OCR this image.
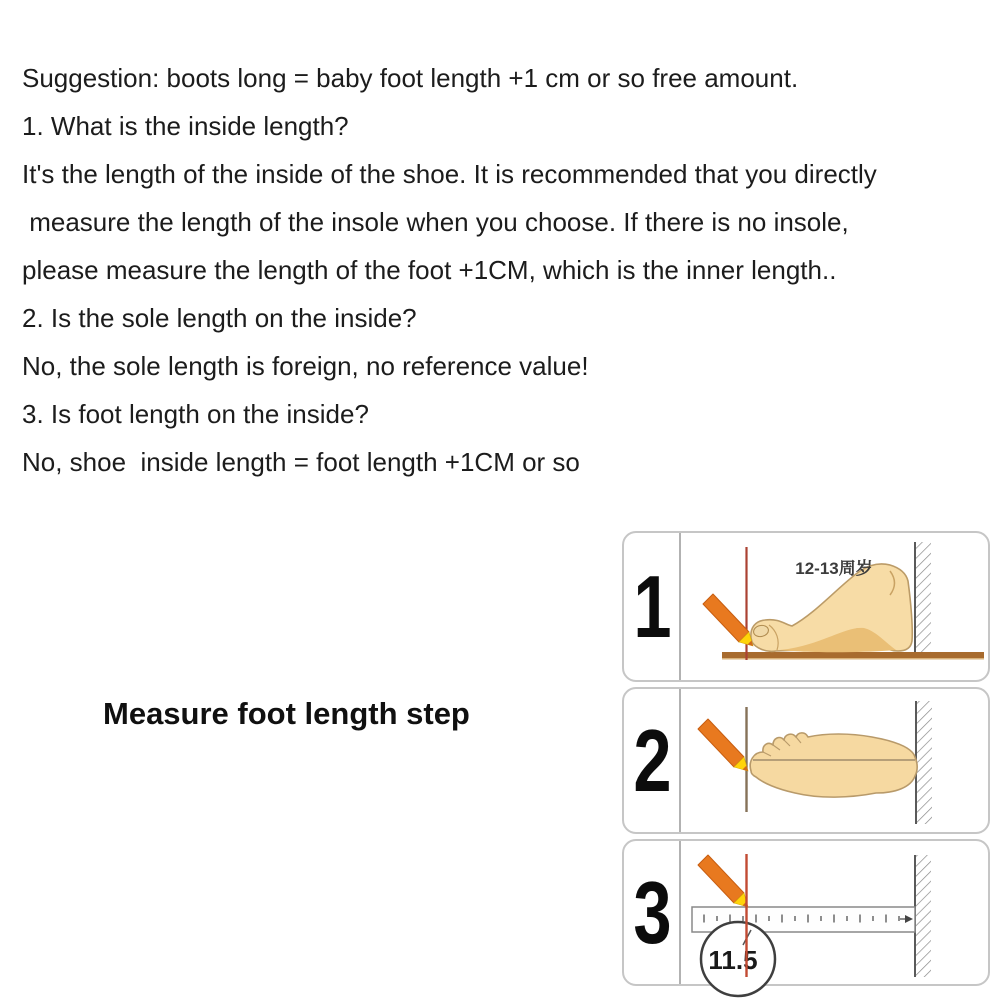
Suggestion: boots long = baby foot length +1 cm or so free amount.
1. What is the inside length?
It's the length of the inside of the shoe. It is recommended that you directly
measure the length of the insole when you choose. If there is no insole,
please measure the length of the foot +1CM, which is the inner length..
2. Is the sole length on the inside?
No, the sole length is foreign, no reference value!
3. Is foot length on the inside?
No, shoe  inside length = foot length +1CM or so
Measure foot length step
1	12-13周岁
2
3 11.5
